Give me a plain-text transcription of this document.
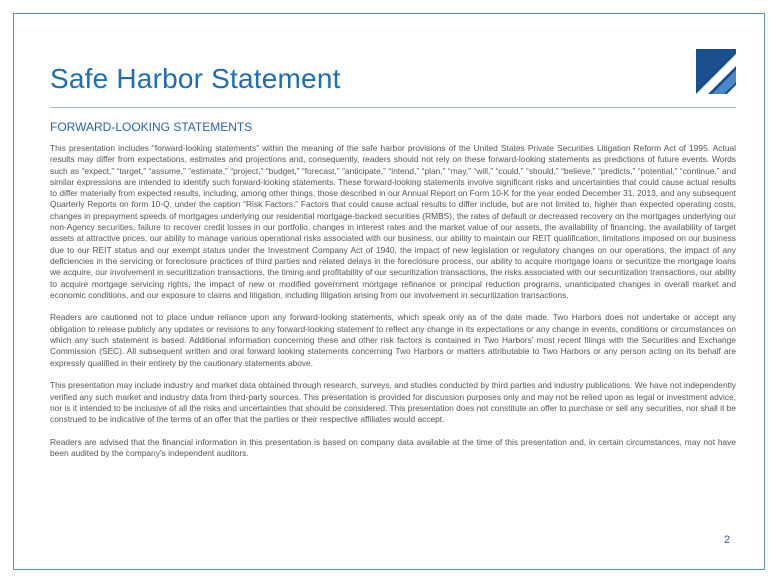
Safe Harbor Statement
FORWARD-LOOKING STATEMENTS

This presentation includes “forward-looking statements” within the meaning of the safe harbor provisions of the United States Private Securities Litigation Reform Act of 1995. Actual results may differ from expectations, estimates and projections and, consequently, readers should not rely on these forward-looking statements as predictions of future events. Words such as “expect,” “target,” “assume,” “estimate,” “project,” “budget,” “forecast,” “anticipate,” “intend,” “plan,” “may,” “will,” “could,” “should,” “believe,” “predicts,” “potential,” “continue,” and similar expressions are intended to identify such forward-looking statements. These forward-looking statements involve significant risks and uncertainties that could cause actual results to differ materially from expected results, including, among other things, those described in our Annual Report on Form 10-K for the year ended December 31, 2013, and any subsequent Quarterly Reports on form 10-Q, under the caption “Risk Factors.” Factors that could cause actual results to differ include, but are not limited to, higher than expected operating costs, changes in prepayment speeds of mortgages underlying our residential mortgage-backed securities (RMBS), the rates of default or decreased recovery on the mortgages underlying our non-Agency securities, failure to recover credit losses in our portfolio, changes in interest rates and the market value of our assets, the availability of financing, the availability of target assets at attractive prices, our ability to manage various operational risks associated with our business, our ability to maintain our REIT qualification, limitations imposed on our business due to our REIT status and our exempt status under the Investment Company Act of 1940, the impact of new legislation or regulatory changes on our operations, the impact of any deficiencies in the servicing or foreclosure practices of third parties and related delays in the foreclosure process, our ability to acquire mortgage loans or securitize the mortgage loans we acquire, our involvement in securitization transactions, the timing and profitability of our securitization transactions, the risks associated with our securitization transactions, our ability to acquire mortgage servicing rights, the impact of new or modified government mortgage refinance or principal reduction programs, unanticipated changes in overall market and economic conditions, and our exposure to claims and litigation, including litigation arising from our involvement in securitization transactions.

Readers are cautioned not to place undue reliance upon any forward-looking statements, which speak only as of the date made. Two Harbors does not undertake or accept any obligation to release publicly any updates or revisions to any forward-looking statement to reflect any change in its expectations or any change in events, conditions or circumstances on which any such statement is based. Additional information concerning these and other risk factors is contained in Two Harbors’ most recent filings with the Securities and Exchange Commission (SEC). All subsequent written and oral forward looking statements concerning Two Harbors or matters attributable to Two Harbors or any person acting on its behalf are expressly qualified in their entirety by the cautionary statements above.

This presentation may include industry and market data obtained through research, surveys, and studies conducted by third parties and industry publications. We have not independently verified any such market and industry data from third-party sources. This presentation is provided for discussion purposes only and may not be relied upon as legal or investment advice, nor is it intended to be inclusive of all the risks and uncertainties that should be considered. This presentation does not constitute an offer to purchase or sell any securities, nor shall it be construed to be indicative of the terms of an offer that the parties or their respective affiliates would accept.

Readers are advised that the financial information in this presentation is based on company data available at the time of this presentation and, in certain circumstances, may not have been audited by the company’s independent auditors.

2
